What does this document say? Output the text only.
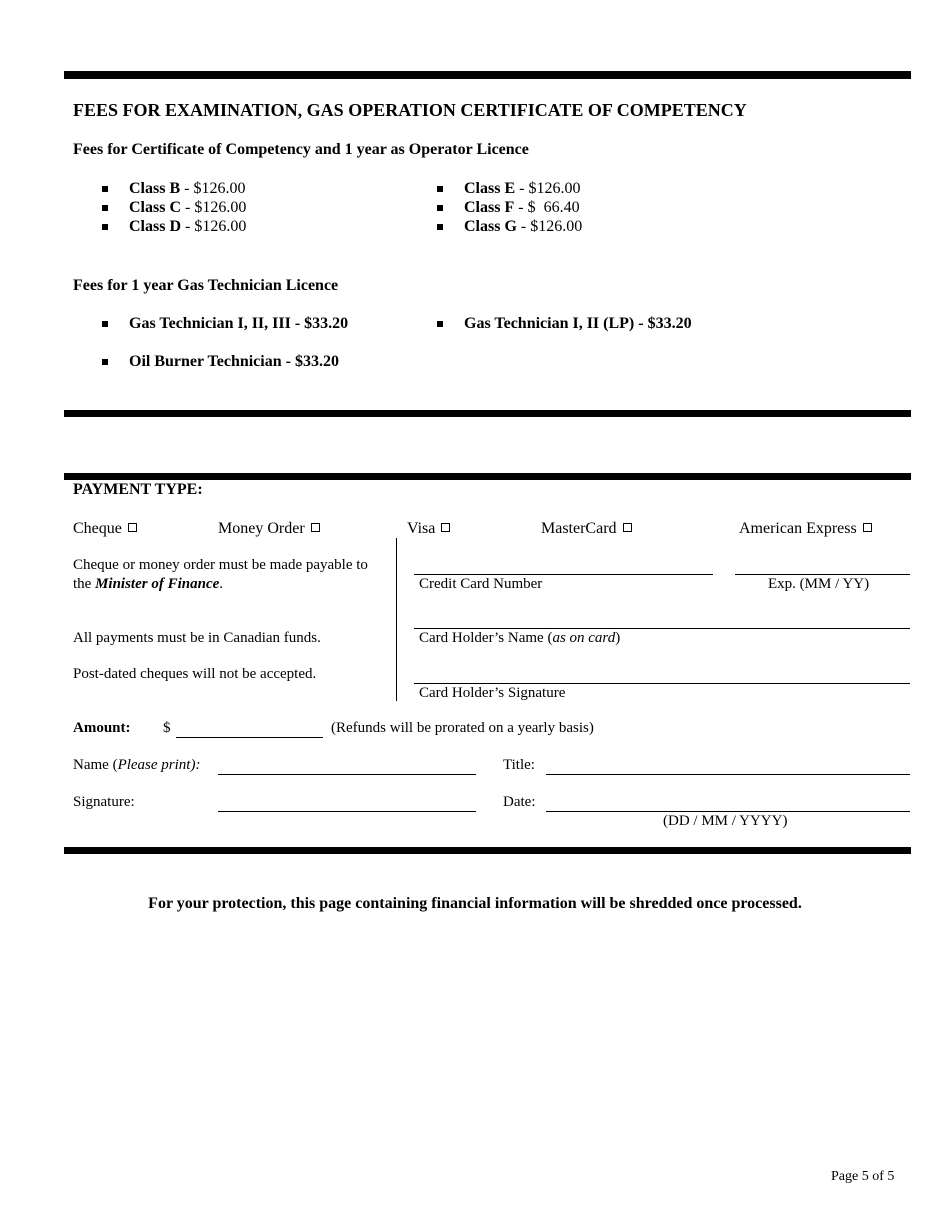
FEES FOR EXAMINATION, GAS OPERATION CERTIFICATE OF COMPETENCY
Fees for Certificate of Competency and 1 year as Operator Licence
Class B - $126.00
Class C - $126.00
Class D - $126.00
Class E - $126.00
Class F - $  66.40
Class G - $126.00
Fees for 1 year Gas Technician Licence
Gas Technician I, II, III - $33.20	Gas Technician I, II (LP) - $33.20
Oil Burner Technician - $33.20
PAYMENT TYPE:
Cheque	Money Order	Visa	MasterCard	American Express
Cheque or money order must be made payable to
the Minister of Finance.
All payments must be in Canadian funds.
Post-dated cheques will not be accepted.
Credit Card Number	Exp. (MM / YY)
Card Holder’s Name (as on card)
Card Holder’s Signature
Amount: $	(Refunds will be prorated on a yearly basis)
Name (Please print):	Title:
Signature:	Date:
(DD / MM / YYYY)
For your protection, this page containing financial information will be shredded once processed.
Page 5 of 5
